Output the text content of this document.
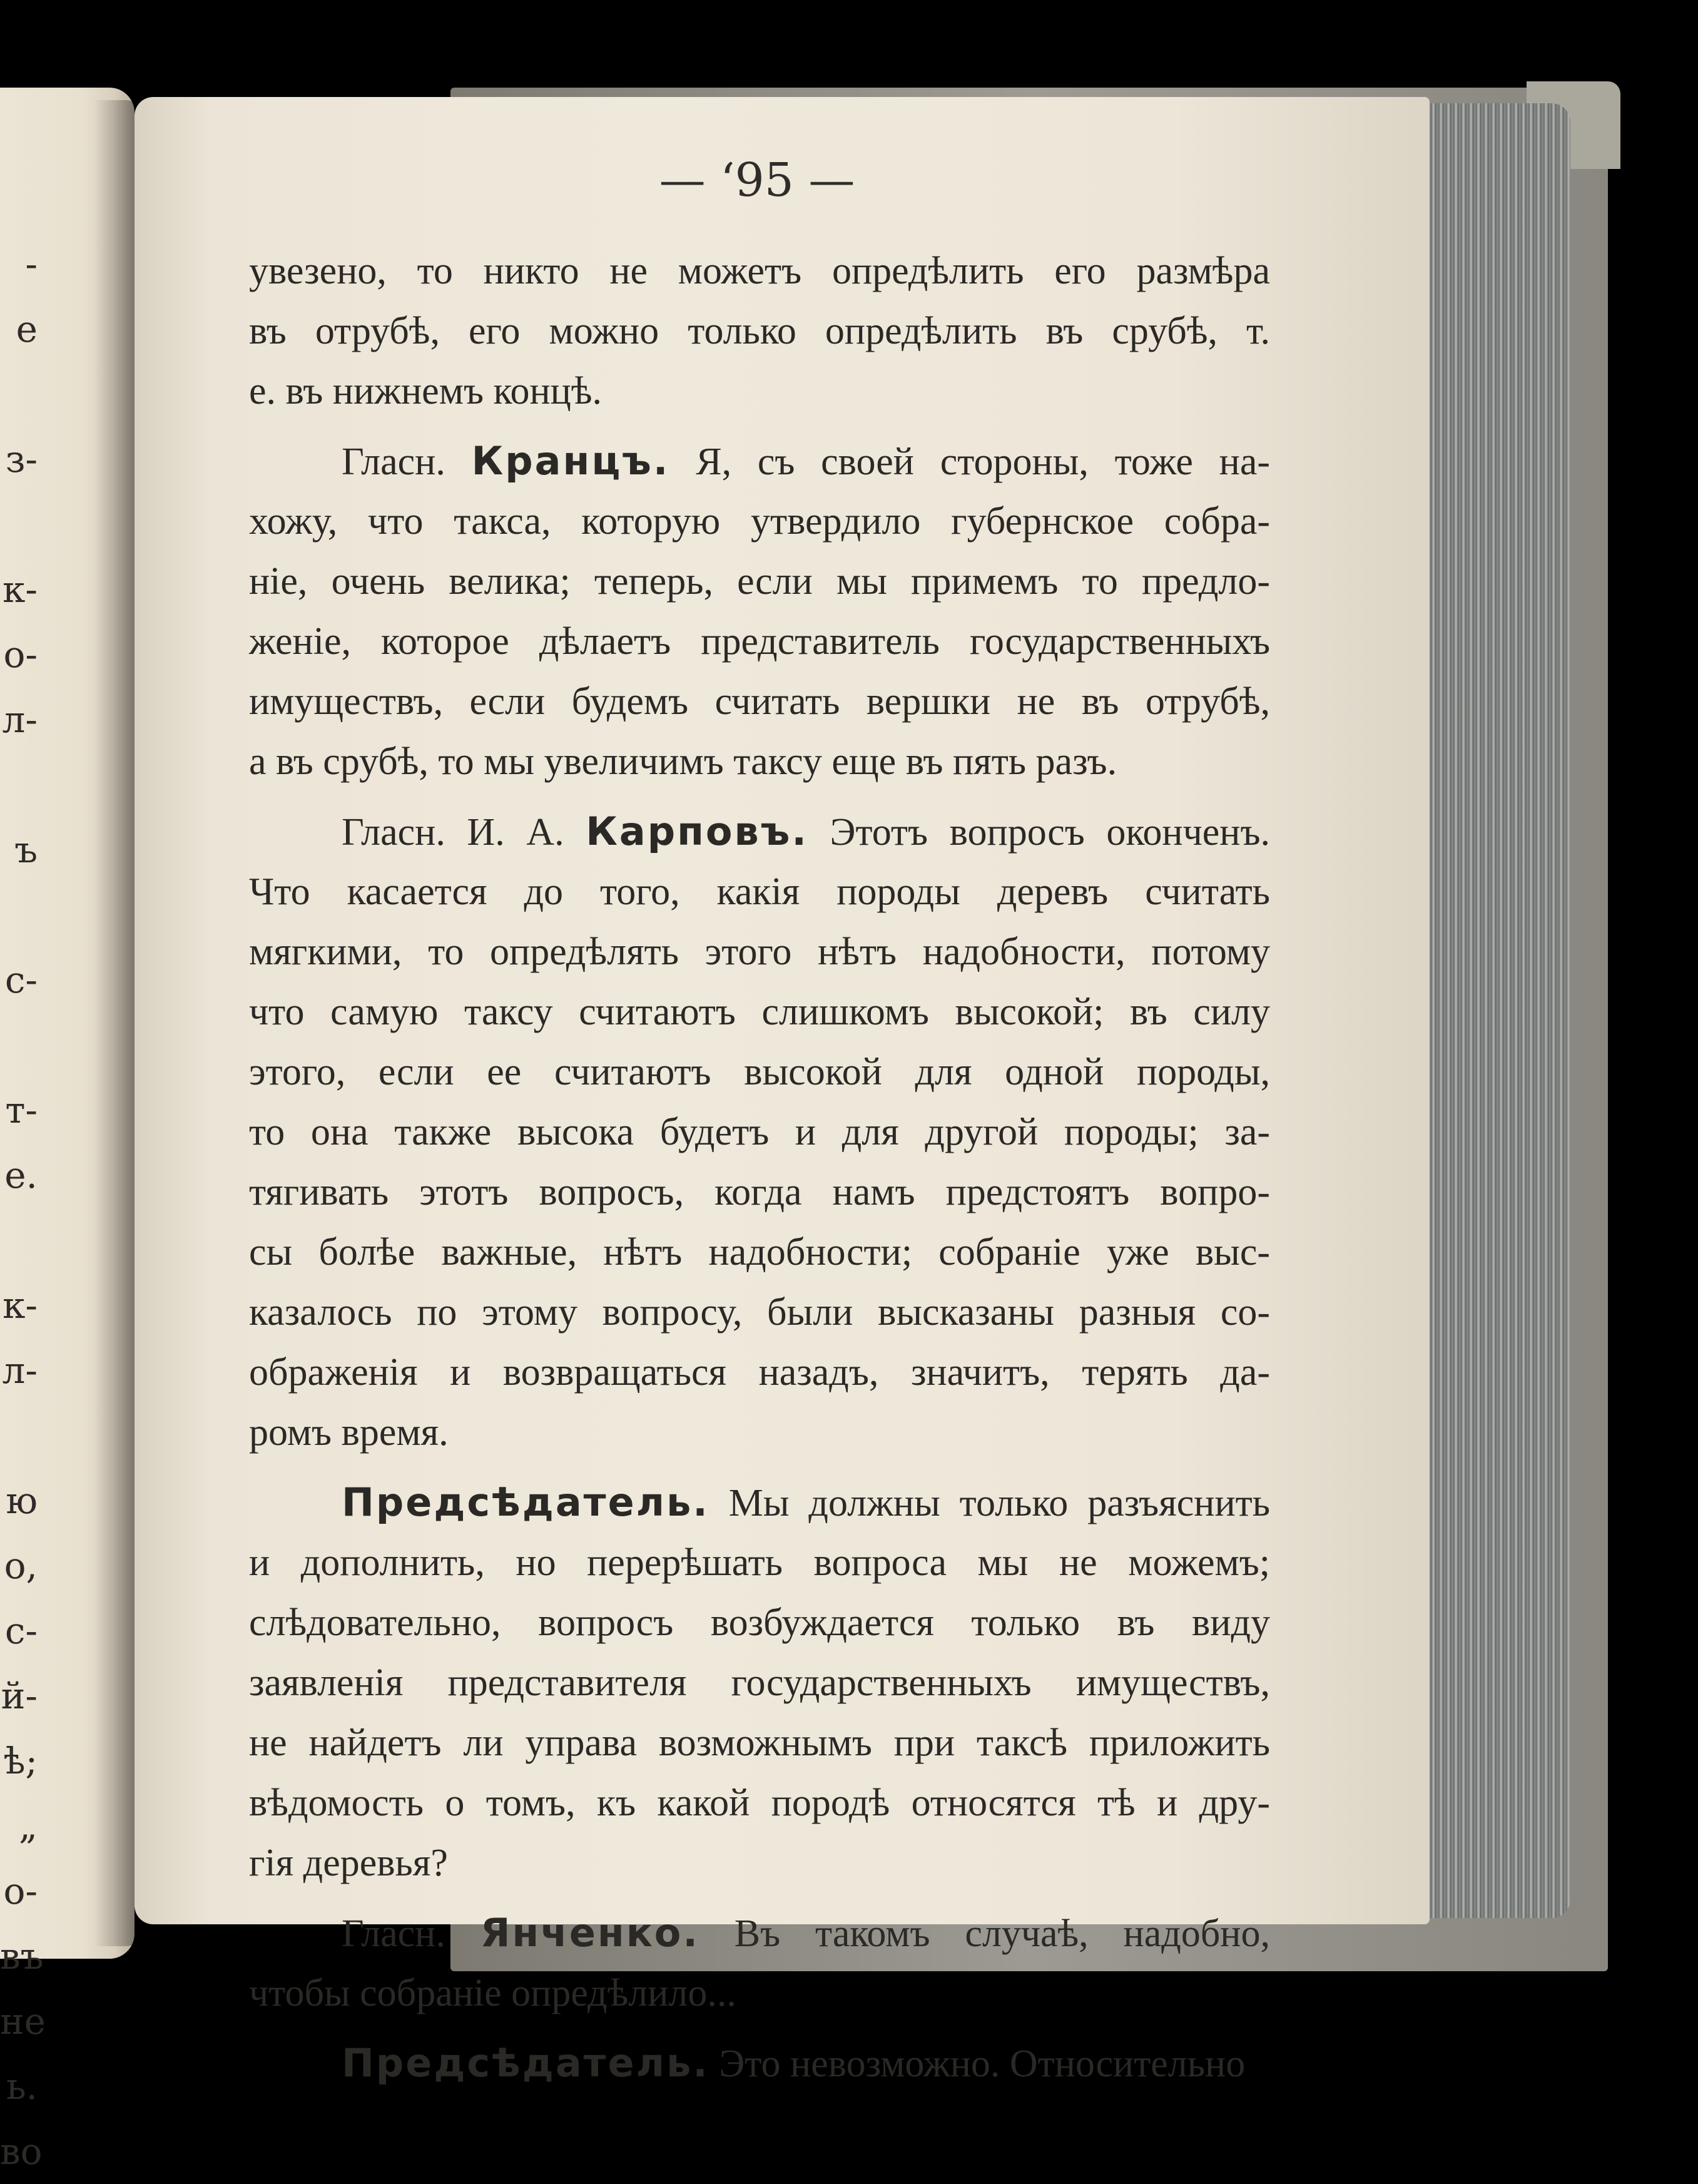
-
е
з-
к-
о-
л-
ъ
с-
т-
е.
к-
л-
ю
о,
с-
й-
ѣ;
„
о-
въ
не
ь.
во
— ‘95 —
увезено, то никто не можетъ опредѣлить его размѣра
въ отрубѣ, его можно только опредѣлить въ срубѣ, т.
е. въ нижнемъ концѣ.
Гласн. Кранцъ. Я, съ своей стороны, тоже на-
хожу, что такса, которую утвердило губернское собра-
ніе, очень велика; теперь, если мы примемъ то предло-
женіе, которое дѣлаетъ представитель государственныхъ
имуществъ, если будемъ считать вершки не въ отрубѣ,
а въ срубѣ, то мы увеличимъ таксу еще въ пять разъ.
Гласн. И. А. Карповъ. Этотъ вопросъ оконченъ.
Что касается до того, какія породы деревъ считать
мягкими, то опредѣлять этого нѣтъ надобности, потому
что самую таксу считаютъ слишкомъ высокой; въ силу
этого, если ее считаютъ высокой для одной породы,
то она также высока будетъ и для другой породы; за-
тягивать этотъ вопросъ, когда намъ предстоятъ вопро-
сы болѣе важные, нѣтъ надобности; собраніе уже выс-
казалось по этому вопросу, были высказаны разныя со-
ображенія и возвращаться назадъ, значитъ, терять да-
ромъ время.
Предсѣдатель. Мы должны только разъяснить
и дополнить, но перерѣшать вопроса мы не можемъ;
слѣдовательно, вопросъ возбуждается только въ виду
заявленія представителя государственныхъ имуществъ,
не найдетъ ли управа возможнымъ при таксѣ приложить
вѣдомость о томъ, къ какой породѣ относятся тѣ и дру-
гія деревья?
Гласн. Янченко. Въ такомъ случаѣ, надобно,
чтобы собраніе опредѣлило...
Предсѣдатель. Это невозможно. Относительно
